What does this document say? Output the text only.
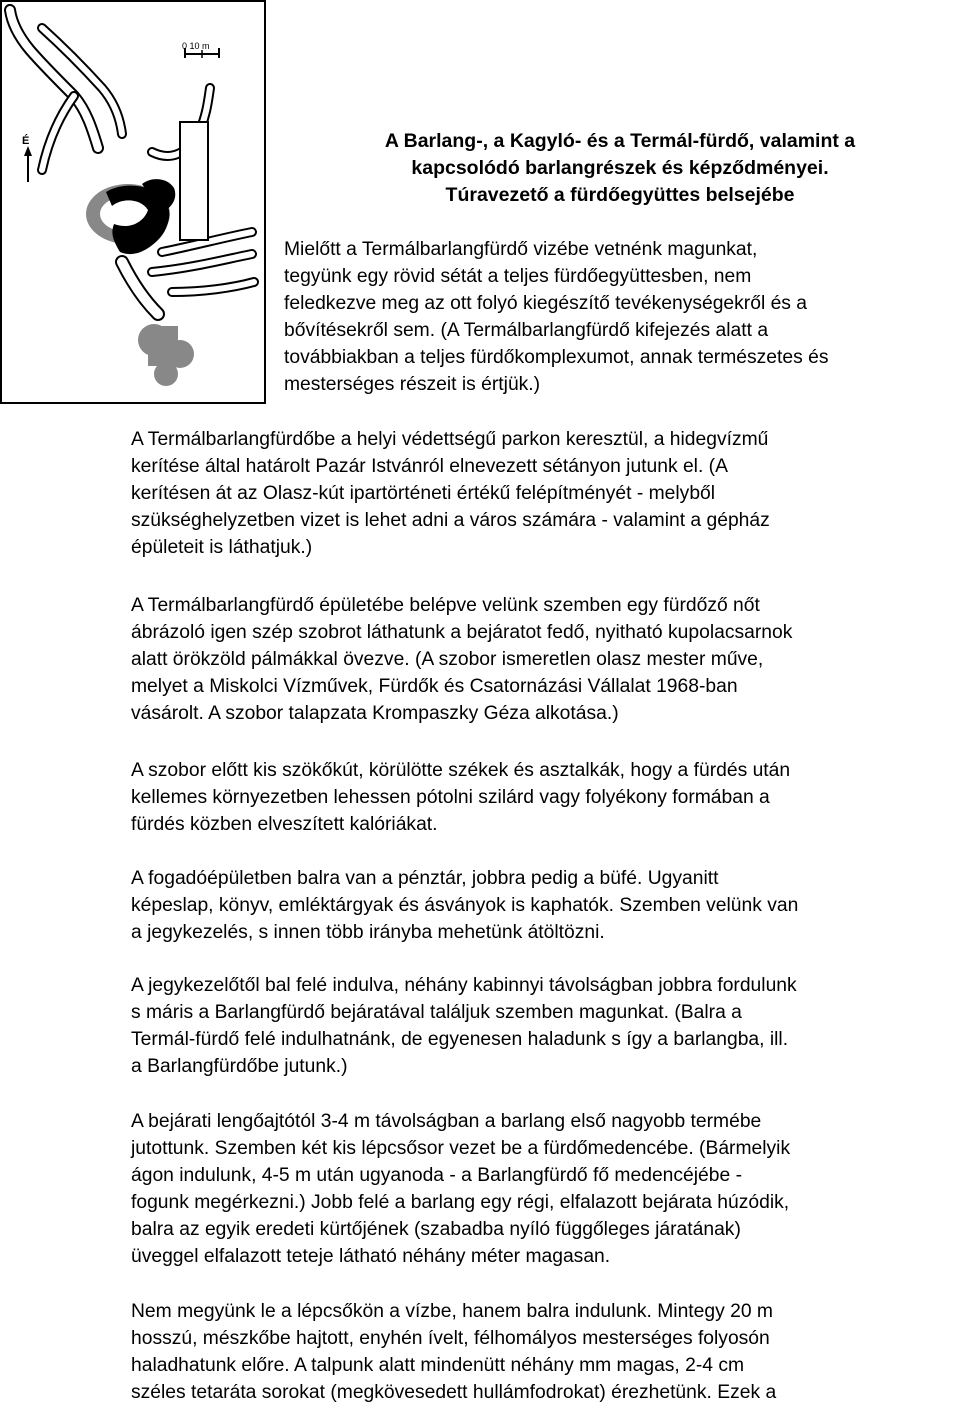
0 10 m
É	A Barlang-, a Kagyló- és a Termál-fürdő, valamint a
kapcsolódó barlangrészek és képződményei.
Túravezető a fürdőegyüttes belsejébe

Mielőtt a Termálbarlangfürdő vizébe vetnénk magunkat,
tegyünk egy rövid sétát a teljes fürdőegyüttesben, nem
feledkezve meg az ott folyó kiegészítő tevékenységekről és a
bővítésekről sem. (A Termálbarlangfürdő kifejezés alatt a
továbbiakban a teljes fürdőkomplexumot, annak természetes és
mesterséges részeit is értjük.)

A Termálbarlangfürdőbe a helyi védettségű parkon keresztül, a hidegvízmű
kerítése által határolt Pazár Istvánról elnevezett sétányon jutunk el. (A
kerítésen át az Olasz-kút ipartörténeti értékű felépítményét - melyből
szükséghelyzetben vizet is lehet adni a város számára - valamint a gépház
épületeit is láthatjuk.)

A Termálbarlangfürdő épületébe belépve velünk szemben egy fürdőző nőt
ábrázoló igen szép szobrot láthatunk a bejáratot fedő, nyitható kupolacsarnok
alatt örökzöld pálmákkal övezve. (A szobor ismeretlen olasz mester műve,
melyet a Miskolci Vízművek, Fürdők és Csatornázási Vállalat 1968-ban
vásárolt. A szobor talapzata Krompaszky Géza alkotása.)

A szobor előtt kis szökőkút, körülötte székek és asztalkák, hogy a fürdés után
kellemes környezetben lehessen pótolni szilárd vagy folyékony formában a
fürdés közben elveszített kalóriákat.

A fogadóépületben balra van a pénztár, jobbra pedig a büfé. Ugyanitt
képeslap, könyv, emléktárgyak és ásványok is kaphatók. Szemben velünk van
a jegykezelés, s innen több irányba mehetünk átöltözni.

A jegykezelőtől bal felé indulva, néhány kabinnyi távolságban jobbra fordulunk
s máris a Barlangfürdő bejáratával találjuk szemben magunkat. (Balra a
Termál-fürdő felé indulhatnánk, de egyenesen haladunk s így a barlangba, ill.
a Barlangfürdőbe jutunk.)

A bejárati lengőajtótól 3-4 m távolságban a barlang első nagyobb termébe
jutottunk. Szemben két kis lépcsősor vezet be a fürdőmedencébe. (Bármelyik
ágon indulunk, 4-5 m után ugyanoda - a Barlangfürdő fő medencéjébe -
fogunk megérkezni.) Jobb felé a barlang egy régi, elfalazott bejárata húzódik,
balra az egyik eredeti kürtőjének (szabadba nyíló függőleges járatának)
üveggel elfalazott teteje látható néhány méter magasan.

Nem megyünk le a lépcsőkön a vízbe, hanem balra indulunk. Mintegy 20 m
hosszú, mészkőbe hajtott, enyhén ívelt, félhomályos mesterséges folyosón
haladhatunk előre. A talpunk alatt mindenütt néhány mm magas, 2-4 cm
széles tetarátа sorokat (megkövesedett hullámfodrokat) érezhetünk. Ezek a
